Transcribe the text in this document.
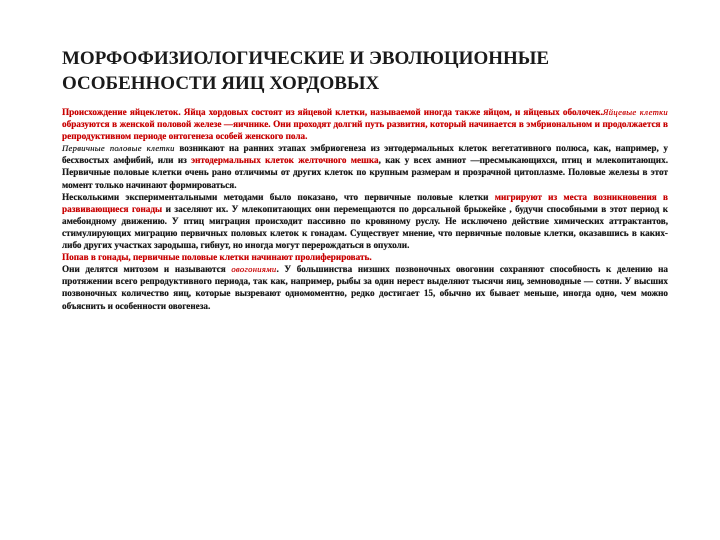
МОРФОФИЗИОЛОГИЧЕСКИЕ И ЭВОЛЮЦИОННЫЕ
ОСОБЕННОСТИ ЯИЦ ХОРДОВЫХ

Происхождение яйцеклеток. Яйца хордовых состоят из яйцевой клетки, называемой иногда также яйцом, и яйцевых оболочек.Яйцевые клетки образуются в женской половой железе —яичнике. Они проходят долгий путь развития, который начинается в эмбриональном и продолжается в репродуктивном периоде онтогенеза особей женского пола.

Первичные половые клетки возникают на ранних этапах эмбриогенеза из энтодермальных клеток вегетативного полюса, как, например, у бесхвостых амфибий, или из энтодермальных клеток желточного мешка, как у всех амниот —пресмыкающихся, птиц и млекопитающих. Первичные половые клетки очень рано отличимы от других клеток по крупным размерам и прозрачной цитоплазме. Половые железы в этот момент только начинают формироваться.

Несколькими экспериментальными методами было показано, что первичные половые клетки мигрируют из места возникновения в развивающиеся гонады и заселяют их. У млекопитающих они перемещаются по дорсальной брыжейке , будучи способными в этот период к амебоидному движению. У птиц миграция происходит пассивно по кровяному руслу. Не исключено действие химических аттрактантов, стимулирующих миграцию первичных половых клеток к гонадам. Существует мнение, что первичные половые клетки, оказавшись в каких-либо других участках зародыша, гибнут, но иногда могут перерождаться в опухоли.

Попав в гонады, первичные половые клетки начинают пролиферировать.

Они делятся митозом и называются овогониями. У большинства низших позвоночных овогонии сохраняют способность к делению на протяжении всего репродуктивного периода, так как, например, рыбы за один нерест выделяют тысячи яиц, земноводные — сотни. У высших позвоночных количество яиц, которые вызревают одномоментно, редко достигает 15, обычно их бывает меньше, иногда одно, чем можно объяснить и особенности овогенеза.
